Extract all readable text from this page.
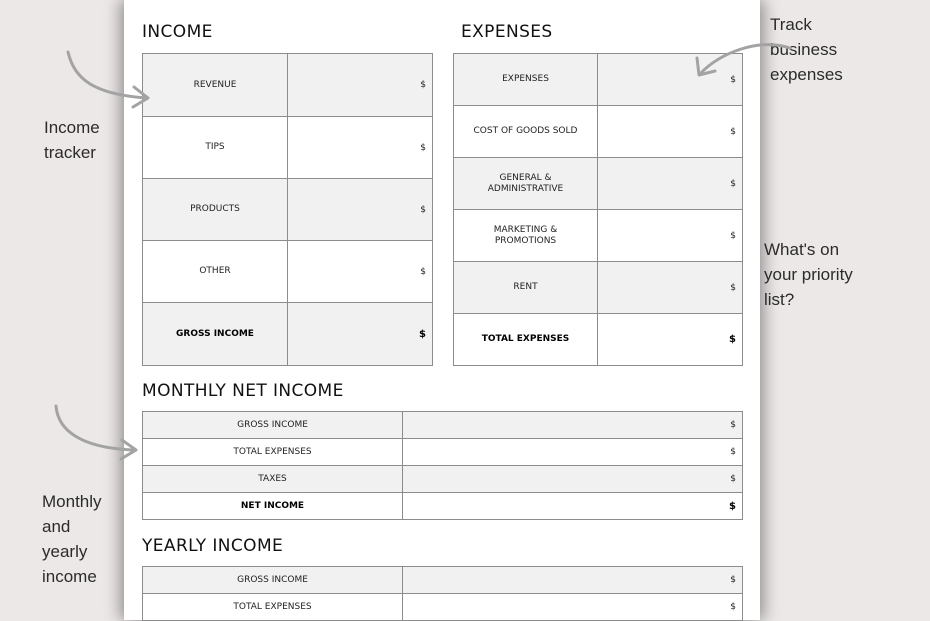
INCOME
REVENUE	$
TIPS	$
PRODUCTS	$
OTHER	$
GROSS INCOME	$
EXPENSES
EXPENSES	$
COST OF GOODS SOLD	$
GENERAL & ADMINISTRATIVE	$
MARKETING & PROMOTIONS	$
RENT	$
TOTAL EXPENSES	$
MONTHLY NET INCOME
GROSS INCOME	$
TOTAL EXPENSES	$
TAXES	$
NET INCOME	$
YEARLY INCOME
GROSS INCOME	$
TOTAL EXPENSES	$
Income
tracker
Track
business
expenses
What's on
your priority
list?
Monthly
and
yearly
income
